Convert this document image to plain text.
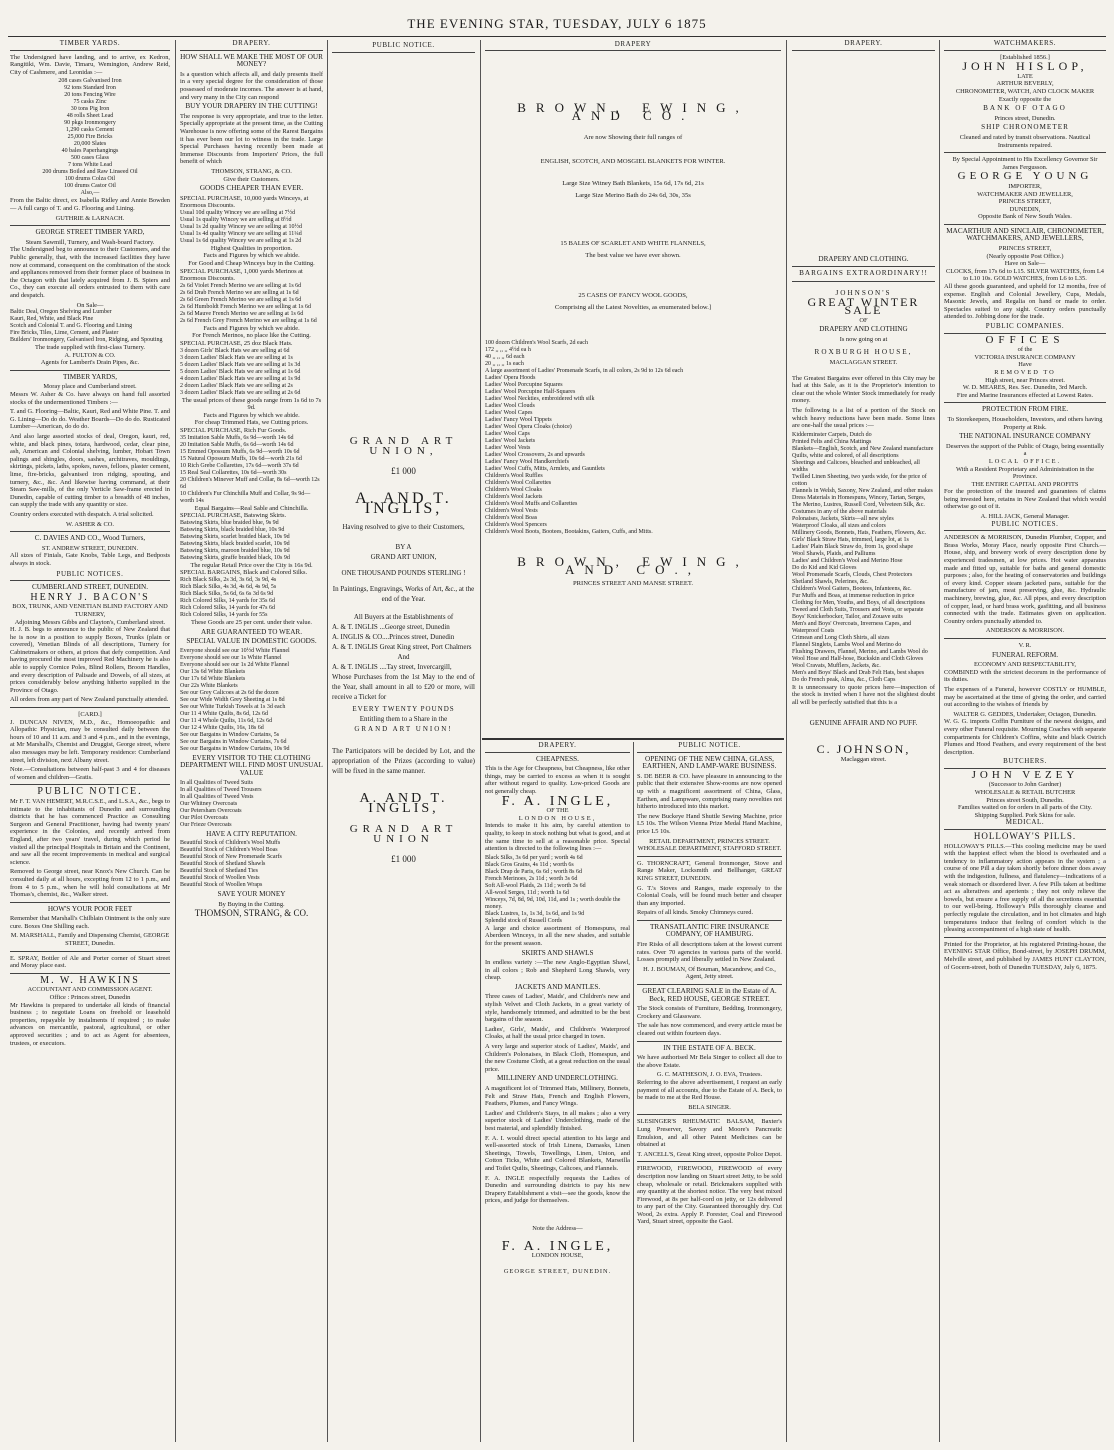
THE EVENING STAR, TUESDAY, JULY 6 1875
TIMBER YARDS.

The Undersigned have landing, and to arrive, ex Kedron, Rangitiki, Wm. Davie, Timaru, Wemington, Andrew Reid, City of Cashmere, and Leonidas :—

208 cases Galvanised Iron
92 tons Standard Iron
20 tons Fencing Wire
75 casks Zinc
30 tons Pig Iron
48 rolls Sheet Lead
90 pkgs Ironmongery
1,290 casks Cement
25,000 Fire Bricks
20,000 Slates
40 bales Paperhangings
500 cases Glass
7 tons White Lead
200 drums Boiled and Raw Linseed Oil
100 drums Colza Oil
100 drums Castor Oil
Also,—

From the Baltic direct, ex Isabella Ridley and Annie Bowden— A full cargo of T. and G. Flooring and Lining.

GUTHRIE & LARNACH.
GEORGE STREET TIMBER YARD,
Steam Sawmill, Turnery, and Wash-board Factory.

The Undersigned beg to announce to their Customers, and the Public generally, that, with the increased facilities they have now at command, consequent on the combination of the stock and appliances removed from their former place of business in the Octagon with that lately acquired from J. B. Spiers and Co., they can execute all orders entrusted to them with care and despatch.

On Sale—
Baltic Deal, Oregon Shelving and Lumber
Kauri, Red, White, and Black Pine
Scotch and Colonial T. and G. Flooring and Lining
Fire Bricks, Tiles, Lime, Cement, and Plaster
Builders' Ironmongery, Galvanised Iron, Ridging, and Spouting
The trade supplied with first-class Turnery.
A. FULTON & CO.
Agents for Lambert's Drain Pipes, &c.
TIMBER YARDS,
Moray place and Cumberland street.

Messrs W. Asher & Co. have always on hand full assorted stocks of the undermentioned Timbers :—

T. and G. Flooring—Baltic, Kauri, Red and White Pine. T. and G. Lining—Do do do. Weather Boards—Do do do. Rusticated Lumber—American, do do do.

And also large assorted stocks of deal, Oregon, kauri, red, white, and black pines, totara, hardwood, cedar, clear pine, ash, American and Colonial shelving, lumber, Hobart Town palings and shingles, doors, sashes, architraves, mouldings, skirtings, pickets, laths, spokes, naves, felloes, plaster cement, lime, fire-bricks, galvanised iron ridging, spouting, and turnery, &c., &c. And likewise having command, at their Steam Saw-mills, of the only Verticle Saw-frame erected in Dunedin, capable of cutting timber to a breadth of 48 inches, can supply the trade with any quantity or size.

Country orders executed with despatch. A trial solicited.

W. ASHER & CO.
C. DAVIES AND CO., Wood Turners,
ST. ANDREW STREET, DUNEDIN.

All sizes of Finials, Gate Knobs, Table Legs, and Bedposts always in stock.

PUBLIC NOTICES.
CUMBERLAND STREET, DUNEDIN.
HENRY J. BACON'S
BOX, TRUNK, AND VENETIAN BLIND FACTORY AND TURNERY,
Adjoining Messrs Gibbs and Clayton's, Cumberland street.

H. J. B. begs to announce to the public of New Zealand that he is now in a position to supply Boxes, Trunks (plain or covered), Venetian Blinds of all descriptions, Turnery for Cabinetmakers or others, at prices that defy competition. And having procured the most improved Red Machinery he is also able to supply Cornice Poles, Blind Rollers, Broom Handles, and every description of Palisade and Dowels, of all sizes, at prices considerably below anything hitherto supplied in the Province of Otago.

All orders from any part of New Zealand punctually attended.

[CARD.]

J. DUNCAN NIVEN, M.D., &c., Homoeopathic and Allopathic Physician, may be consulted daily between the hours of 10 and 11 a.m. and 3 and 4 p.m., and in the evenings, at Mr Marshall's, Chemist and Druggist, George street, where also messages may be left. Temporary residence: Cumberland street, left division, next Albany street.

Note.—Consultations between half-past 3 and 4 for diseases of women and children—Gratis.

PUBLIC NOTICE.

Mr F. T. VAN HEMERT, M.R.C.S.E., and L.S.A., &c., begs to intimate to the inhabitants of Dunedin and surrounding districts that he has commenced Practice as Consulting Surgeon and General Practitioner, having had twenty years' experience in the Colonies, and recently arrived from England, after two years' travel, during which period he visited all the principal Hospitals in Britain and the Continent, and saw all the recent improvements in medical and surgical science.

Removed to George street, near Knox's New Church. Can be consulted daily at all hours, excepting from 12 to 1 p.m., and from 4 to 5 p.m., when he will hold consultations at Mr Thomas's, chemist, &c., Walker street.

HOW'S YOUR POOR FEET

Remember that Marshall's Chilblain Ointment is the only sure cure. Boxes One Shilling each.

M. MARSHALL, Family and Dispensing Chemist, GEORGE STREET, Dunedin.

E. SPRAY, Bottler of Ale and Porter corner of Stuart street and Moray place east.

M. W. HAWKINS
ACCOUNTANT AND COMMISSION AGENT.
Office : Princes street, Dunedin

Mr Hawkins is prepared to undertake all kinds of financial business ; to negotiate Loans on freehold or leasehold properties, repayable by instalments if required ; to make advances on mercantile, pastoral, agricultural, or other approved securities ; and to act as Agent for absentees, trustees, or executors.

DRAPERY.
HOW SHALL WE MAKE THE MOST OF OUR MONEY?

Is a question which affects all, and daily presents itself in a very special degree for the consideration of those possessed of moderate incomes. The answer is at hand, and very many in the City can respond

BUY YOUR DRAPERY IN THE CUTTING!

The response is very appropriate, and true to the letter. Specially appropriate at the present time, as the Cutting Warehouse is now offering some of the Rarest Bargains it has ever been our lot to witness in the trade. Large Special Purchases having recently been made at Immense Discounts from Importers' Prices, the full benefit of which

THOMSON, STRANG, & CO.
Give their Customers.
GOODS CHEAPER THAN EVER.
SPECIAL PURCHASE, 10,000 yards Winceys, at Enormous Discounts.
Usual 10d quality Wincey we are selling at 7½d
Usual 1s quality Wincey we are selling at 8½d
Usual 1s 2d quality Wincey we are selling at 10½d
Usual 1s 4d quality Wincey we are selling at 11¼d
Usual 1s 6d quality Wincey we are selling at 1s 2d
Highest Qualities in proportion.
Facts and Figures by which we abide.
For Good and Cheap Winceys buy in the Cutting.
SPECIAL PURCHASE, 1,000 yards Merinos at Enormous Discounts.
2s 6d Violet French Merino we are selling at 1s 6d
2s 6d Drab French Merino we are selling at 1s 6d
2s 6d Green French Merino we are selling at 1s 6d
2s 6d Humboldt French Merino we are selling at 1s 6d
2s 6d Mauve French Merino we are selling at 1s 6d
2s 6d French Grey French Merino we are selling at 1s 6d
Facts and Figures by which we abide.
For French Merinos, no place like the Cutting.
SPECIAL PURCHASE, 25 doz Black Hats.
3 dozen Girls' Black Hats we are selling at 6d
3 dozen Ladies' Black Hats we are selling at 1s
5 dozen Ladies' Black Hats we are selling at 1s 3d
5 dozen Ladies' Black Hats we are selling at 1s 6d
4 dozen Ladies' Black Hats we are selling at 1s 9d
2 dozen Ladies' Black Hats we are selling at 2s
3 dozen Ladies' Black Hats we are selling at 2s 6d
The usual prices of these goods range from 1s 6d to 7s 9d.
Facts and Figures by which we abide.
For cheap Trimmed Hats, we Cutting prices.
SPECIAL PURCHASE, Rich Fur Goods.
35 Imitation Sable Muffs, 6s 9d—worth 14s 6d
20 Imitation Sable Muffs, 6s 6d—worth 14s 6d
15 Emmed Opossum Muffs, 6s 9d—worth 10s 6d
15 Natural Opossum Muffs, 10s 6d—worth 21s 6d
10 Rich Grebe Collarettes, 17s 6d—worth 37s 6d
15 Real Seal Collarettes, 10s 6d—worth 30s
20 Children's Minever Muff and Collar, 8s 6d—worth 12s 6d
10 Children's Fur Chinchilla Muff and Collar, 9s 9d—worth 14s
Equal Bargains—Real Sable and Chinchilla.
SPECIAL PURCHASE, Batswing Skirts.
Batswing Skirts, blue braided blue, 9s 9d
Batswing Skirts, black braided blue, 10s 9d
Batswing Skirts, scarlet braided black, 10s 9d
Batswing Skirts, black braided scarlet, 10s 9d
Batswing Skirts, maroon braided blue, 10s 9d
Batswing Skirts, giraffe braided black, 10s 9d
The regular Retail Price over the City is 16s 9d.
SPECIAL BARGAINS, Black and Colored Silks.
Rich Black Silks, 2s 3d, 3s 6d, 3s 9d, 4s
Rich Black Silks, 4s 3d, 4s 6d, 4s 9d, 5s
Rich Black Silks, 5s 6d, 6s 6s 3d 6s 9d
Rich Colored Silks, 14 yards for 35s 6d
Rich Colored Silks, 14 yards for 47s 6d
Rich Colored Silks, 14 yards for 55s
These Goods are 25 per cent. under their value.
ARE GUARANTEED TO WEAR.
SPECIAL VALUE IN DOMESTIC GOODS.
Everyone should see our 10½d White Flannel
Everyone should see our 1s White Flannel
Everyone should see our 1s 2d White Flannel
Our 13s 6d White Blankets
Our 17s 6d White Blankets
Our 22s White Blankets
See our Grey Calicoes at 2s 6d the dozen
See our Wide Width Grey Sheeting at 1s 8d
See our White Turkish Towels at 1s 3d each
Our 11 4 White Quilts, 8s 6d, 12s 6d
Our 11 4 Whole Quilts, 11s 6d, 12s 6d
Our 12 4 White Quilts, 16s, 18s 6d
See our Bargains in Window Curtains, 5s
See our Bargains in Window Curtains, 7s 6d
See our Bargains in Window Curtains, 10s 9d
EVERY VISITOR TO THE CLOTHING DEPARTMENT WILL FIND MOST UNUSUAL VALUE
In all Qualities of Tweed Suits
In all Qualities of Tweed Trousers
In all Qualities of Tweed Vests
Our Whitney Overcoats
Our Petersham Overcoats
Our Pilot Overcoats
Our Frieze Overcoats
HAVE A CITY REPUTATION.
Beautiful Stock of Children's Wool Muffs
Beautiful Stock of Children's Wool Boas
Beautiful Stock of New Promenade Scarfs
Beautiful Stock of Shetland Shawls
Beautiful Stock of Shetland Ties
Beautiful Stock of Woollen Vests
Beautiful Stock of Woollen Wraps
SAVE YOUR MONEY
By Buying in the Cutting.
THOMSON, STRANG, & CO.
PUBLIC NOTICE.
GRAND ART UNION,
£1 000
A. AND T. INGLIS,
Having resolved to give to their Customers,
BY A
GRAND ART UNION,
ONE THOUSAND POUNDS STERLING !
In Paintings, Engravings, Works of Art, &c., at the end of the Year.
All Buyers at the Establishments of
A. & T. INGLIS ...George street, Dunedin
A. INGLIS & CO....Princes street, Dunedin
A. & T. INGLIS Great King street, Port Chalmers
And
A. & T. INGLIS ....Tay street, Invercargill,

Whose Purchases from the 1st May to the end of the Year, shall amount in all to £20 or more, will receive a Ticket for

EVERY TWENTY POUNDS
Entitling them to a Share in the
GRAND ART UNION!

The Participators will be decided by Lot, and the appropriation of the Prizes (according to value) will be fixed in the same manner.

A. AND T. INGLIS,
GRAND ART UNION
£1 000
DRAPERY
BROWN, EWING, AND CO.
Are now Showing their full ranges of
ENGLISH, SCOTCH, AND MOSGIEL BLANKETS FOR WINTER.
Large Size Witney Bath Blankets, 15s 6d, 17s 6d, 21s
Large Size Merino Bath do 24s 6d, 30s, 35s
15 BALES OF SCARLET AND WHITE FLANNELS,
The best value we have ever shown.
25 CASES OF FANCY WOOL GOODS,
Comprising all the Latest Novelties, as enumerated below.]
100 dozen Children's Wool Scarfs, 2d each
172 ,, ,, ,, 4½d ea h
40 ,, ,, ,, 6d each
20 ,, ,, ,, 1s each
A large assortment of Ladies' Promenade Scarfs, in all colors, 2s 9d to 12s 6d each
Ladies' Opera Hoods
Ladies' Wool Porcupine Squares
Ladies' Wool Porcupine Half-Squares
Ladies' Wool Neckties, embroidered with silk
Ladies' Wool Clouds
Ladies' Wool Capes
Ladies' Fancy Wool Tippets
Ladies' Wool Opera Cloaks (choice)
Ladies' Wool Caps
Ladies' Wool Jackets
Ladies' Wool Vests
Ladies' Wool Crossovers, 2s and upwards
Ladies' Fancy Wool Handkerchiefs
Ladies' Wool Cuffs, Mitts, Armlets, and Gauntlets
Children's Wool Ruffles
Children's Wool Collarettes
Children's Wool Cloaks
Children's Wool Jackets
Children's Wool Muffs and Collarettes
Children's Wool Vests
Children's Wool Boas
Children's Wool Spencers
Children's Wool Boots, Bootees, Bootakins, Gaiters, Cuffs, and Mitts.
BROWN, EWING, AND CO.,
PRINCES STREET AND MANSE STREET.
DRAPERY.
CHEAPNESS.

This is the Age for Cheapness, but Cheapness, like other things, may be carried to excess as when it is sought after without regard to quality. Low-priced Goods are not generally cheap.

F. A. INGLE,
OF THE
LONDON HOUSE,

Intends to make it his aim, by careful attention to quality, to keep in stock nothing but what is good, and at the same time to sell at a reasonable price. Special attention is directed to the following lines :—

Black Silks, 3s 6d per yard ; worth 4s 6d
Black Gros Grains, 4s 11d ; worth 6s
Black Drap de Paris, 6s 6d ; worth 8s 6d
French Merinoes, 2s 11d ; worth 3s 6d
Soft All-wool Plaids, 2s 11d ; worth 3s 6d
All-wool Serges, 11d ; worth 1s 6d
Winceys, 7d, 8d, 9d, 10d, 11d, and 1s ; worth double the money.
Black Lustres, 1s, 1s 3d, 1s 6d, and 1s 9d
Splendid stock of Russell Cords

A large and choice assortment of Homespuns, real Aberdeen Winceys, in all the new shades, and suitable for the present season.

SKIRTS AND SHAWLS

In endless variety :—The new Anglo-Egyptian Shawl, in all colors ; Rob and Shepherd Long Shawls, very cheap.

JACKETS AND MANTLES.

Three cases of Ladies', Maids', and Children's new and stylish Velvet and Cloth Jackets, in a great variety of style, handsomely trimmed, and admitted to be the best bargains of the season.

Ladies', Girls', Maids', and Children's Waterproof Cloaks, at half the usual price charged in town.

A very large and superior stock of Ladies', Maids', and Children's Polonaises, in Black Cloth, Homespun, and the new Costume Cloth, at a great reduction on the usual price.

MILLINERY AND UNDERCLOTHING.

A magnificent lot of Trimmed Hats, Millinery, Bonnets, Felt and Straw Hats, French and English Flowers, Feathers, Plumes, and Fancy Wings.

Ladies' and Children's Stays, in all makes ; also a very superior stock of Ladies' Underclothing, made of the best material, and splendidly finished.

F. A. I. would direct special attention to his large and well-assorted stock of Irish Linens, Damasks, Linen Sheetings, Towels, Towellings, Linen, Union, and Cotton Ticks, White and Colored Blankets, Marseilla and Toilet Quilts, Sheetings, Calicoes, and Flannels.

F. A. INGLE respectfully requests the Ladies of Dunedin and surrounding districts to pay his new Drapery Establishment a visit—see the goods, know the prices, and judge for themselves.

Note the Address—
F. A. INGLE,
LONDON HOUSE,
GEORGE STREET, DUNEDIN.
PUBLIC NOTICE.
OPENING OF THE NEW CHINA, GLASS, EARTHEN, AND LAMP-WARE BUSINESS.

S. DE BEER & CO. have pleasure in announcing to the public that their extensive Show-rooms are now opened up with a magnificent assortment of China, Glass, Earthen, and Lampware, comprising many novelties not hitherto introduced into this market.

The new Buckeye Hand Shuttle Sewing Machine, price L5 10s. The Wilson Vienna Prize Medal Hand Machine, price L5 10s.

RETAIL DEPARTMENT, PRINCES STREET.
WHOLESALE DEPARTMENT, STAFFORD STREET.

G. THORNCRAFT, General Ironmonger, Stove and Range Maker, Locksmith and Bellhanger, GREAT KING STREET, DUNEDIN.

G. T.'s Stoves and Ranges, made expressly to the Colonial Coals, will be found much better and cheaper than any imported.

Repairs of all kinds. Smoky Chimneys cured.

TRANSATLANTIC FIRE INSURANCE COMPANY, OF HAMBURG.

Fire Risks of all descriptions taken at the lowest current rates. Over 70 agencies in various parts of the world. Losses promptly and liberally settled in New Zealand.

H. J. BOUMAN, Of Bouman, Macandrew, and Co., Agent, Jetty street.
GREAT CLEARING SALE in the Estate of A. Beck, RED HOUSE, GEORGE STREET.

The Stock consists of Furniture, Bedding, Ironmongery, Crockery and Glassware.

The sale has now commenced, and every article must be cleared out within fourteen days.

IN THE ESTATE OF A. BECK.

We have authorised Mr Bela Singer to collect all due to the above Estate.

G. C. MATHESON, J. O. EVA, Trustees.

Referring to the above advertisement, I request an early payment of all accounts, due to the Estate of A. Beck, to be made to me at the Red House.

BELA SINGER.

SLESINGER'S RHEUMATIC BALSAM, Baxter's Lung Preserver, Savory and Moore's Pancreatic Emulsion, and all other Patent Medicines can be obtained at

T. ANCELL'S, Great King street, opposite Police Depot.

FIREWOOD, FIREWOOD, FIREWOOD of every description now landing on Stuart street Jetty, to be sold cheap, wholesale or retail. Brickmakers supplied with any quantity at the shortest notice. The very best mixed Firewood, at 8s per half-cord on jetty, or 12s delivered to any part of the City. Guaranteed thoroughly dry. Cut Wood, 2s extra. Apply P. Forester, Coal and Firewood Yard, Stuart street, opposite the Gaol.

DRAPERY.
DRAPERY AND CLOTHING.
BARGAINS EXTRAORDINARY!!
JOHNSON'S
GREAT WINTER SALE
OF
DRAPERY AND CLOTHING
Is now going on at
ROXBURGH HOUSE,
MACLAGGAN STREET.

The Greatest Bargains ever offered in this City may be had at this Sale, as it is the Proprietor's intention to clear out the whole Winter Stock immediately for ready money.

The following is a list of a portion of the Stock on which heavy reductions have been made. Some lines are one-half the usual prices :—

Kidderminster Carpets, Dutch do
Printed Felts and China Mattings
Blankets—English, Scotch, and New Zealand manufacture
Quilts, white and colored, of all descriptions
Sheetings and Calicoes, bleached and unbleached, all widths
Twilled Linen Sheeting, two yards wide, for the price of cotton
Flannels in Welsh, Saxony, New Zealand, and other makes
Dress Materials in Homespuns, Wincey, Tartan, Serges, The Merino, Lustres, Russell Cord, Velveteen Silk, &c.
Costumes in any of the above materials
Polonaises, Jackets, Skirts—all new styles
Waterproof Cloaks, all sizes and colors
Millinery Goods, Bonnets, Hats, Feathers, Flowers, &c.
Girls' Black Straw Hats, trimmed, large lot, at 1s
Ladies' Plain Black Straw do, from 1s, good shape
Wool Shawls, Plaids, and Palliums
Ladies' and Children's Wool and Merino Hose
Do do Kid and Kid Gloves
Wool Promenade Scarfs, Clouds, Chest Protectors
Shetland Shawls, Pelerines, &c.
Children's Wool Gaiters, Bootees, Infanteens, &c.
Fur Muffs and Boas, at immense reduction in price
Clothing for Men, Youths, and Boys, of all descriptions
Tweed and Cloth Suits, Trousers and Vests, or separate
Boys' Knickerbocker, Tailor, and Zouave suits
Men's and Boys' Overcoats, Inverness Capes, and Waterproof Coats
Crimean and Long Cloth Shirts, all sizes
Flannel Singlets, Lambs Wool and Merino do
Flushing Drawers, Flannel, Merino, and Lambs Wool do
Wool Hose and Half-hose, Buckskin and Cloth Gloves
Wool Cravats, Mufflers, Jackets, &c.
Men's and Boys' Black and Drab Felt Hats, best shapes
Do do French peak, Alma, &c., Cloth Caps

It is unnecessary to quote prices here—inspection of the stock is invited when I have not the slightest doubt all will be perfectly satisfied that this is a

GENUINE AFFAIR AND NO PUFF.
C. JOHNSON,
Maclaggan street.
WATCHMAKERS.
[Established 1856.]
JOHN HISLOP,
LATE
ARTHUR BEVERLY,
CHRONOMETER, WATCH, AND CLOCK MAKER
Exactly opposite the
BANK OF OTAGO
Princes street, Dunedin.
SHIP CHRONOMETER
Cleaned and rated by transit observations. Nautical Instruments repaired.
By Special Appointment to His Excellency Governor Sir James Fergusson.
GEORGE YOUNG
IMPORTER,
WATCHMAKER AND JEWELLER,
PRINCES STREET,
DUNEDIN,
Opposite Bank of New South Wales.
MACARTHUR AND SINCLAIR, CHRONOMETER, WATCHMAKERS, AND JEWELLERS,
PRINCES STREET,
(Nearly opposite Post Office.)
Have on Sale—
CLOCKS, from 17s 6d to L15. SILVER WATCHES, from L4 to L10 10s. GOLD WATCHES, from L6 to L35.

All these goods guaranteed, and upheld for 12 months, free of expense. English and Colonial Jewellery, Cups, Medals, Masonic Jewels, and Regalia on hand or made to order. Spectacles suited to any sight. Country orders punctually attended to. Jobbing done for the trade.

PUBLIC COMPANIES.
OFFICES
of the
VICTORIA INSURANCE COMPANY
Have
REMOVED TO
High street, near Princes street.
W. D. MEARES, Res. Sec. Dunedin, 3rd March.
Fire and Marine Insurances effected at Lowest Rates.
PROTECTION FROM FIRE.
To Storekeepers, Householders, Investors, and others having Property at Risk.
THE NATIONAL INSURANCE COMPANY
Deserves the support of the Public of Otago, being essentially a
LOCAL OFFICE.
With a Resident Proprietary and Administration in the Province.
THE ENTIRE CAPITAL AND PROFITS

For the protection of the insured and guarantees of claims being invested here, retains in New Zealand that which would otherwise go out of it.

A. HILL JACK, General Manager.
PUBLIC NOTICES.

ANDERSON & MORRISON, Dunedin Plumber, Copper, and Brass Works, Moray Place, nearly opposite First Church.—House, ship, and brewery work of every description done by experienced tradesmen, at low prices. Hot water apparatus made and fitted up, suitable for baths and general domestic purposes ; also, for the heating of conservatories and buildings of every kind. Copper steam jacketed pans, suitable for the manufacture of jam, meat preserving, glue, &c. Hydraulic machinery, brewing, glue, &c. All pipes, and every description of copper, lead, or hard brass work, gasfitting, and all business connected with the trade. Estimates given on application. Country orders punctually attended to.

ANDERSON & MORRISON.
V. R.
FUNERAL REFORM.
ECONOMY AND RESPECTABILITY,

COMBINED with the strictest decorum in the performance of its duties.

The expenses of a Funeral, however COSTLY or HUMBLE, may be ascertained at the time of giving the order, and carried out according to the wishes of friends by

WALTER G. GEDDES, Undertaker, Octagon, Dunedin.

W. G. G. imports Coffin Furniture of the newest designs, and every other Funeral requisite. Mourning Coaches with separate compartments for Children's Coffins, white and black Ostrich Plumes and Hood Feathers, and every requirement of the best description.

BUTCHERS.
JOHN VEZEY
(Successor to John Gardner)
WHOLESALE & RETAIL BUTCHER
Princes street South, Dunedin.
Families waited on for orders in all parts of the City.
Shipping Supplied. Pork Skins for sale.
MEDICAL.
HOLLOWAY'S PILLS.

HOLLOWAY'S PILLS.—This cooling medicine may be used with the happiest effect when the blood is overheated and a tendency to inflammatory action appears in the system ; a course of one Pill a day taken shortly before dinner does away with the indigestion, fullness, and flatulency—indications of a weak stomach or disordered liver. A few Pills taken at bedtime act as alteratives and aperients ; they not only relieve the bowels, but ensure a free supply of all the secretions essential to our well-being. Holloway's Pills thoroughly cleanse and perfectly regulate the circulation, and in hot climates and high temperatures induce that feeling of comfort which is the pleasing accompaniment of a high state of health.

Printed for the Proprietor, at his registered Printing-house, the EVENING STAR Office, Bond-street, by JOSEPH DRUMM, Melville street, and published by JAMES HUNT CLAYTON, of Gocern-street, both of Dunedin TUESDAY, July 6, 1875.
